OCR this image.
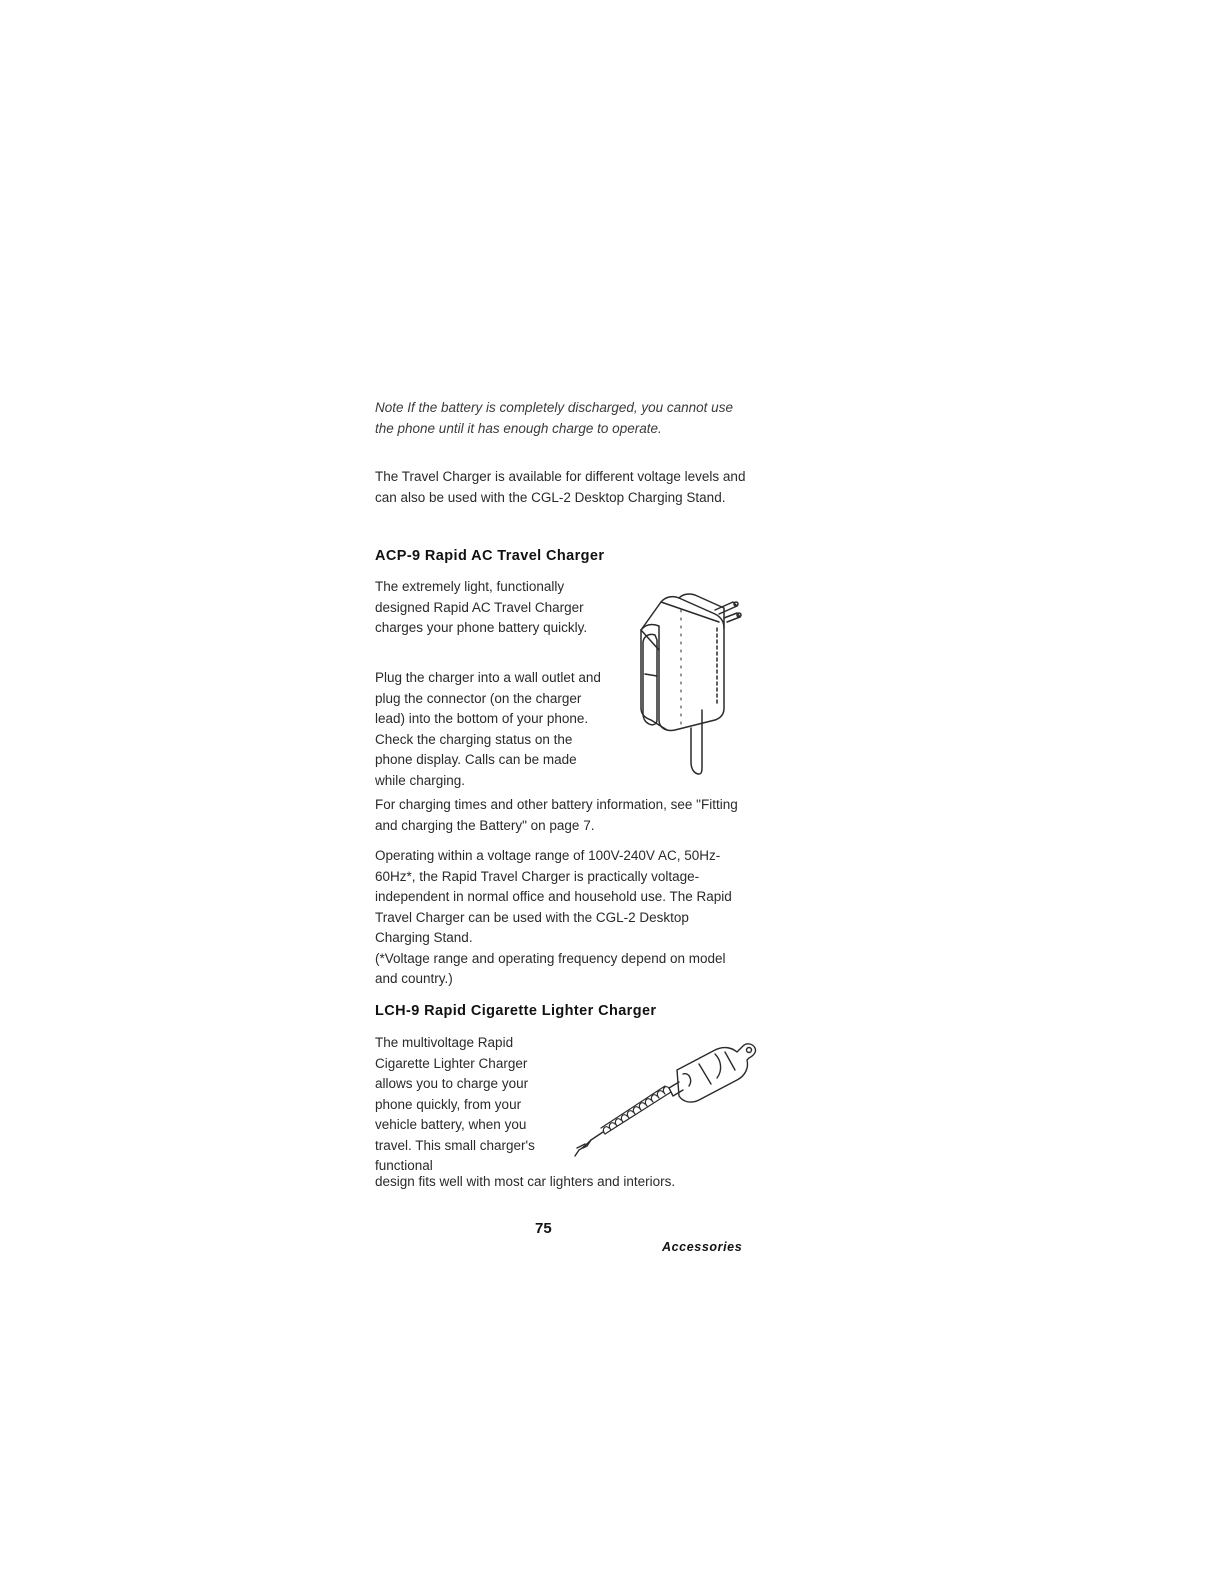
Note If the battery is completely discharged, you cannot use the phone until it has enough charge to operate.

The Travel Charger is available for different voltage levels and can also be used with the CGL-2 Desktop Charging Stand.

ACP-9 Rapid AC Travel Charger

The extremely light, functionally designed Rapid AC Travel Charger charges your phone battery quickly.

Plug the charger into a wall outlet and plug the connector (on the charger lead) into the bottom of your phone. Check the charging status on the phone display. Calls can be made while charging.

For charging times and other battery information, see "Fitting and charging the Battery" on page 7.

Operating within a voltage range of 100V-240V AC, 50Hz-60Hz*, the Rapid Travel Charger is practically voltage-independent in normal office and household use. The Rapid Travel Charger can be used with the CGL-2 Desktop Charging Stand.
(*Voltage range and operating frequency depend on model and country.)
LCH-9 Rapid Cigarette Lighter Charger

The multivoltage Rapid Cigarette Lighter Charger allows you to charge your phone quickly, from your vehicle battery, when you travel. This small charger's functional

design fits well with most car lighters and interiors.

75
Accessories
